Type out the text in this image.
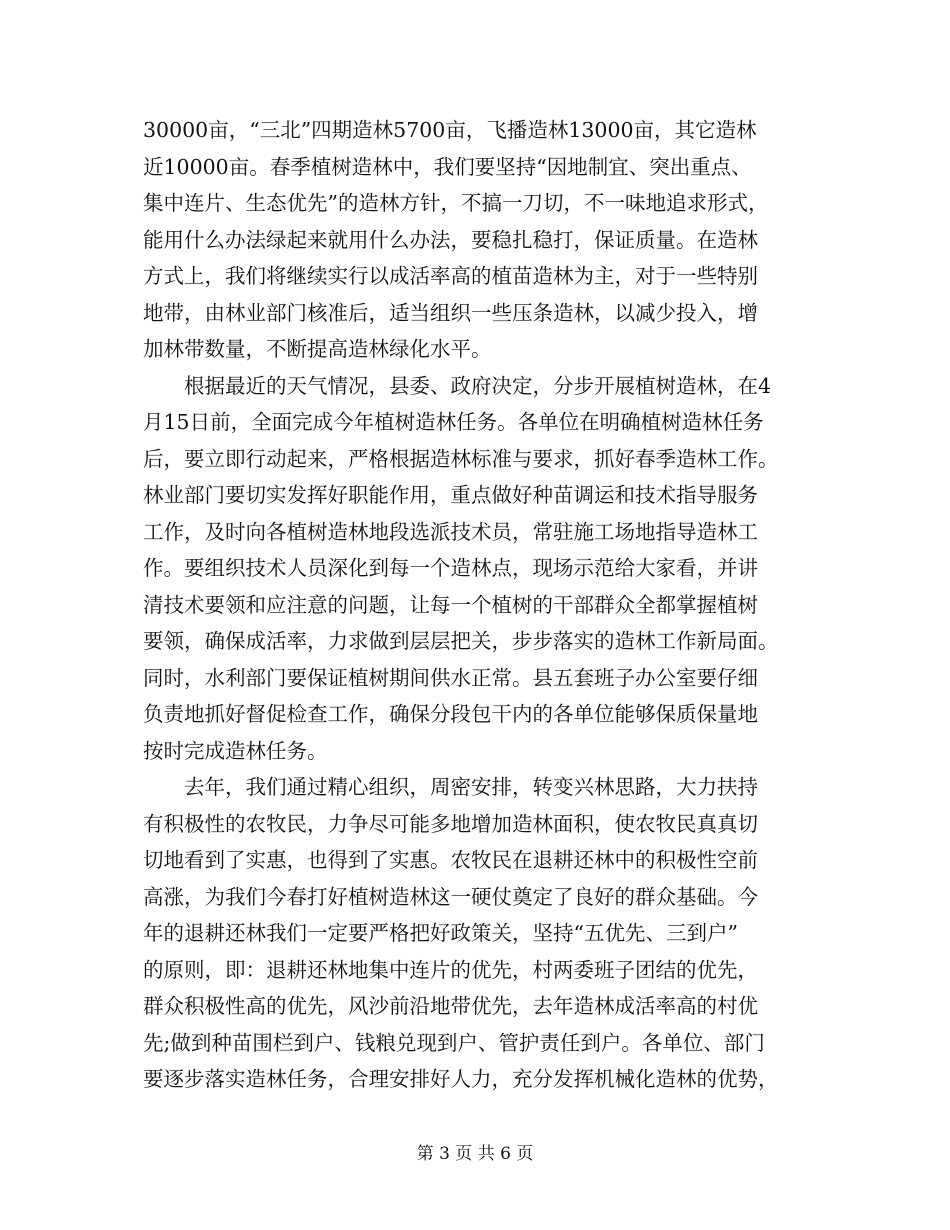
30000亩，“三北”四期造林5700亩，飞播造林13000亩，其它造林
近10000亩。春季植树造林中，我们要坚持“因地制宜、突出重点、
集中连片、生态优先”的造林方针，不搞一刀切，不一味地追求形式，
能用什么办法绿起来就用什么办法，要稳扎稳打，保证质量。在造林
方式上，我们将继续实行以成活率高的植苗造林为主，对于一些特别
地带，由林业部门核准后，适当组织一些压条造林，以减少投入，增
加林带数量，不断提高造林绿化水平。
　　根据最近的天气情况，县委、政府决定，分步开展植树造林，在4
月15日前，全面完成今年植树造林任务。各单位在明确植树造林任务
后，要立即行动起来，严格根据造林标准与要求，抓好春季造林工作。
林业部门要切实发挥好职能作用，重点做好种苗调运和技术指导服务
工作，及时向各植树造林地段选派技术员，常驻施工场地指导造林工
作。要组织技术人员深化到每一个造林点，现场示范给大家看，并讲
清技术要领和应注意的问题，让每一个植树的干部群众全都掌握植树
要领，确保成活率，力求做到层层把关，步步落实的造林工作新局面。
同时，水利部门要保证植树期间供水正常。县五套班子办公室要仔细
负责地抓好督促检查工作，确保分段包干内的各单位能够保质保量地
按时完成造林任务。
　　去年，我们通过精心组织，周密安排，转变兴林思路，大力扶持
有积极性的农牧民，力争尽可能多地增加造林面积，使农牧民真真切
切地看到了实惠，也得到了实惠。农牧民在退耕还林中的积极性空前
高涨，为我们今春打好植树造林这一硬仗奠定了良好的群众基础。今
年的退耕还林我们一定要严格把好政策关，坚持“五优先、三到户”
的原则，即：退耕还林地集中连片的优先，村两委班子团结的优先，
群众积极性高的优先，风沙前沿地带优先，去年造林成活率高的村优
先;做到种苗围栏到户、钱粮兑现到户、管护责任到户。各单位、部门
要逐步落实造林任务，合理安排好人力，充分发挥机械化造林的优势，
第 3 页 共 6 页
